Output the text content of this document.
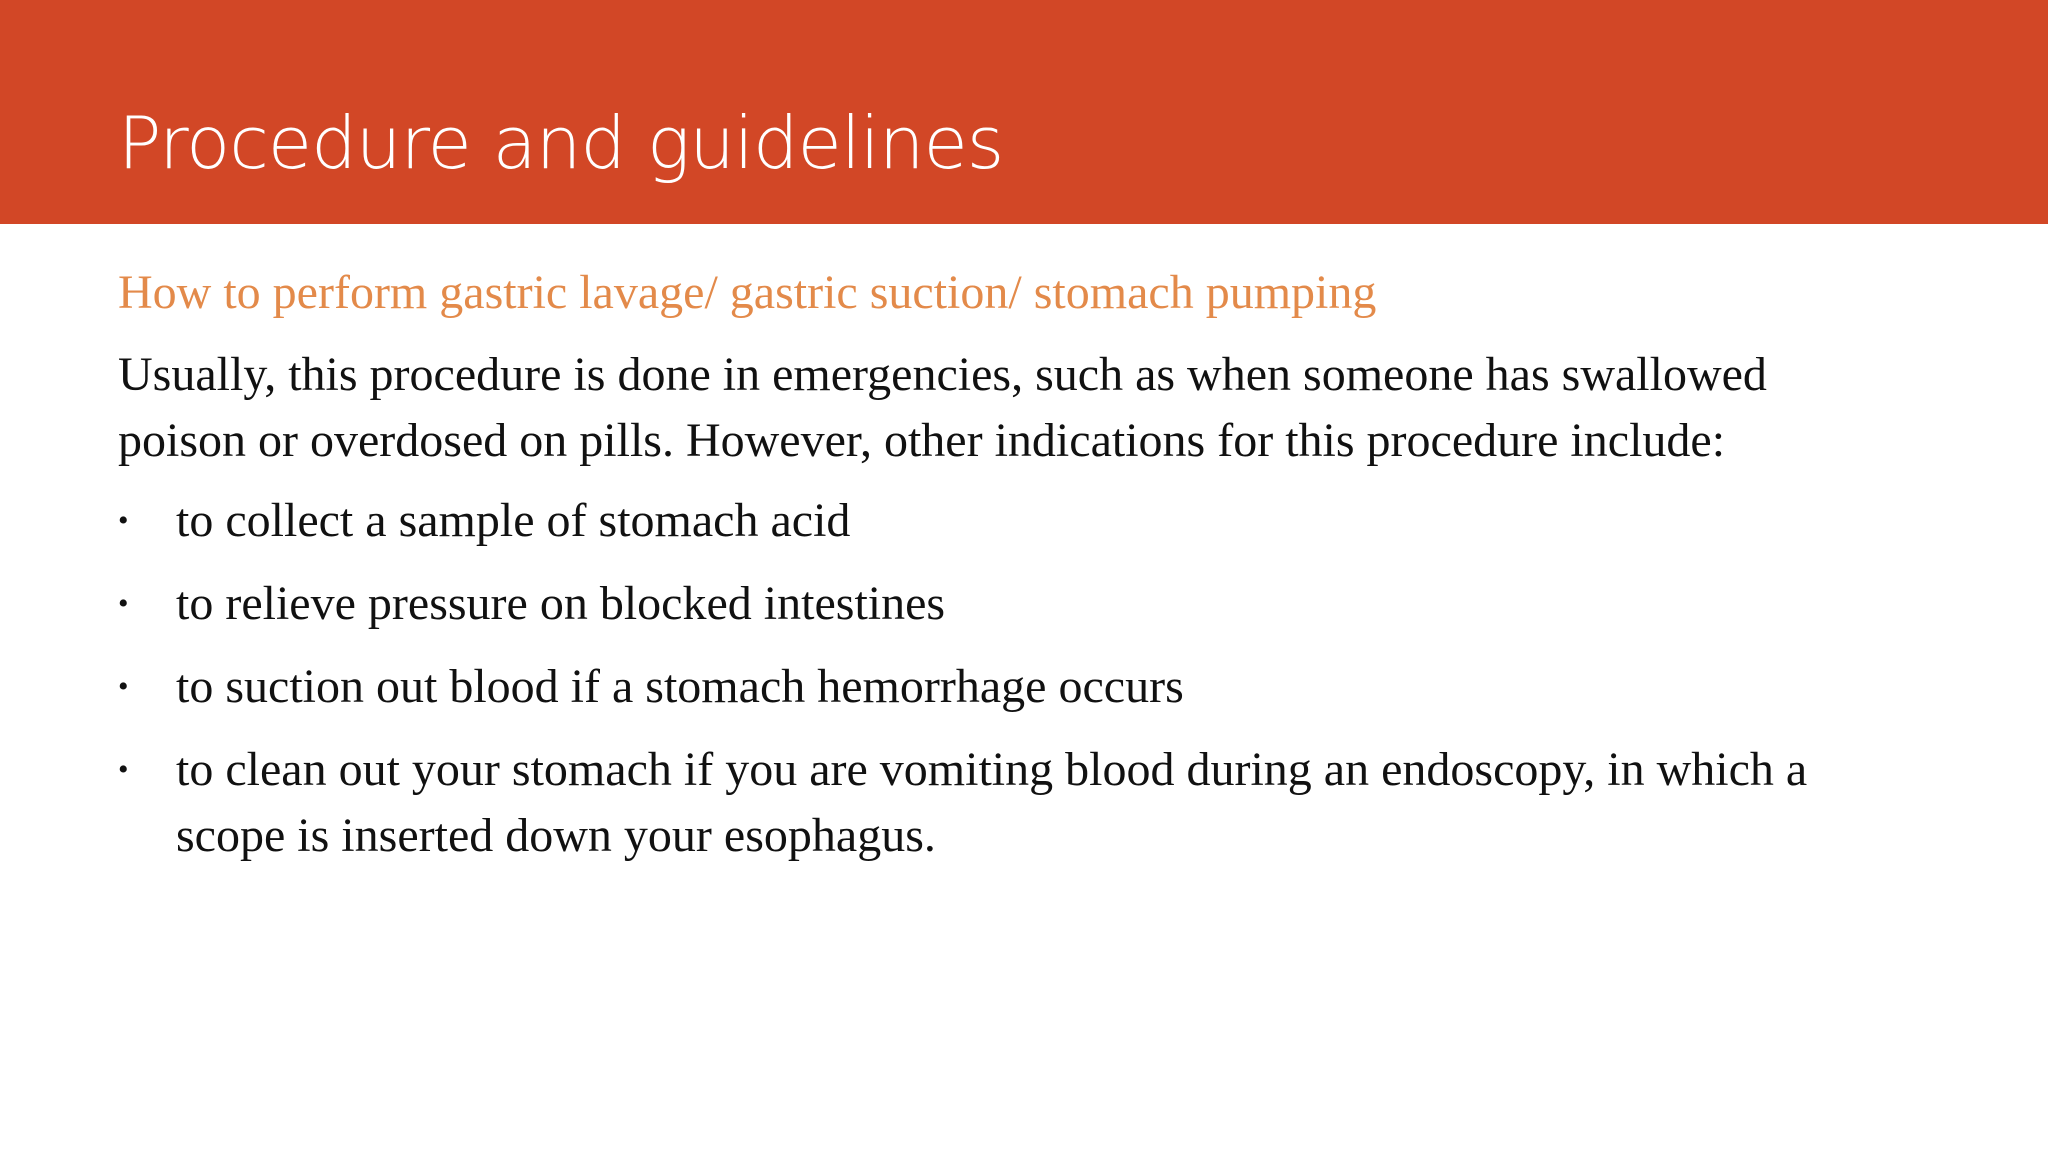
Procedure and guidelines
How to perform gastric lavage/ gastric suction/ stomach pumping

Usually, this procedure is done in emergencies, such as when someone has swallowed poison or overdosed on pills. However, other indications for this procedure include:

• to collect a sample of stomach acid
• to relieve pressure on blocked intestines
• to suction out blood if a stomach hemorrhage occurs
• to clean out your stomach if you are vomiting blood during an endoscopy, in which a scope is inserted down your esophagus.
